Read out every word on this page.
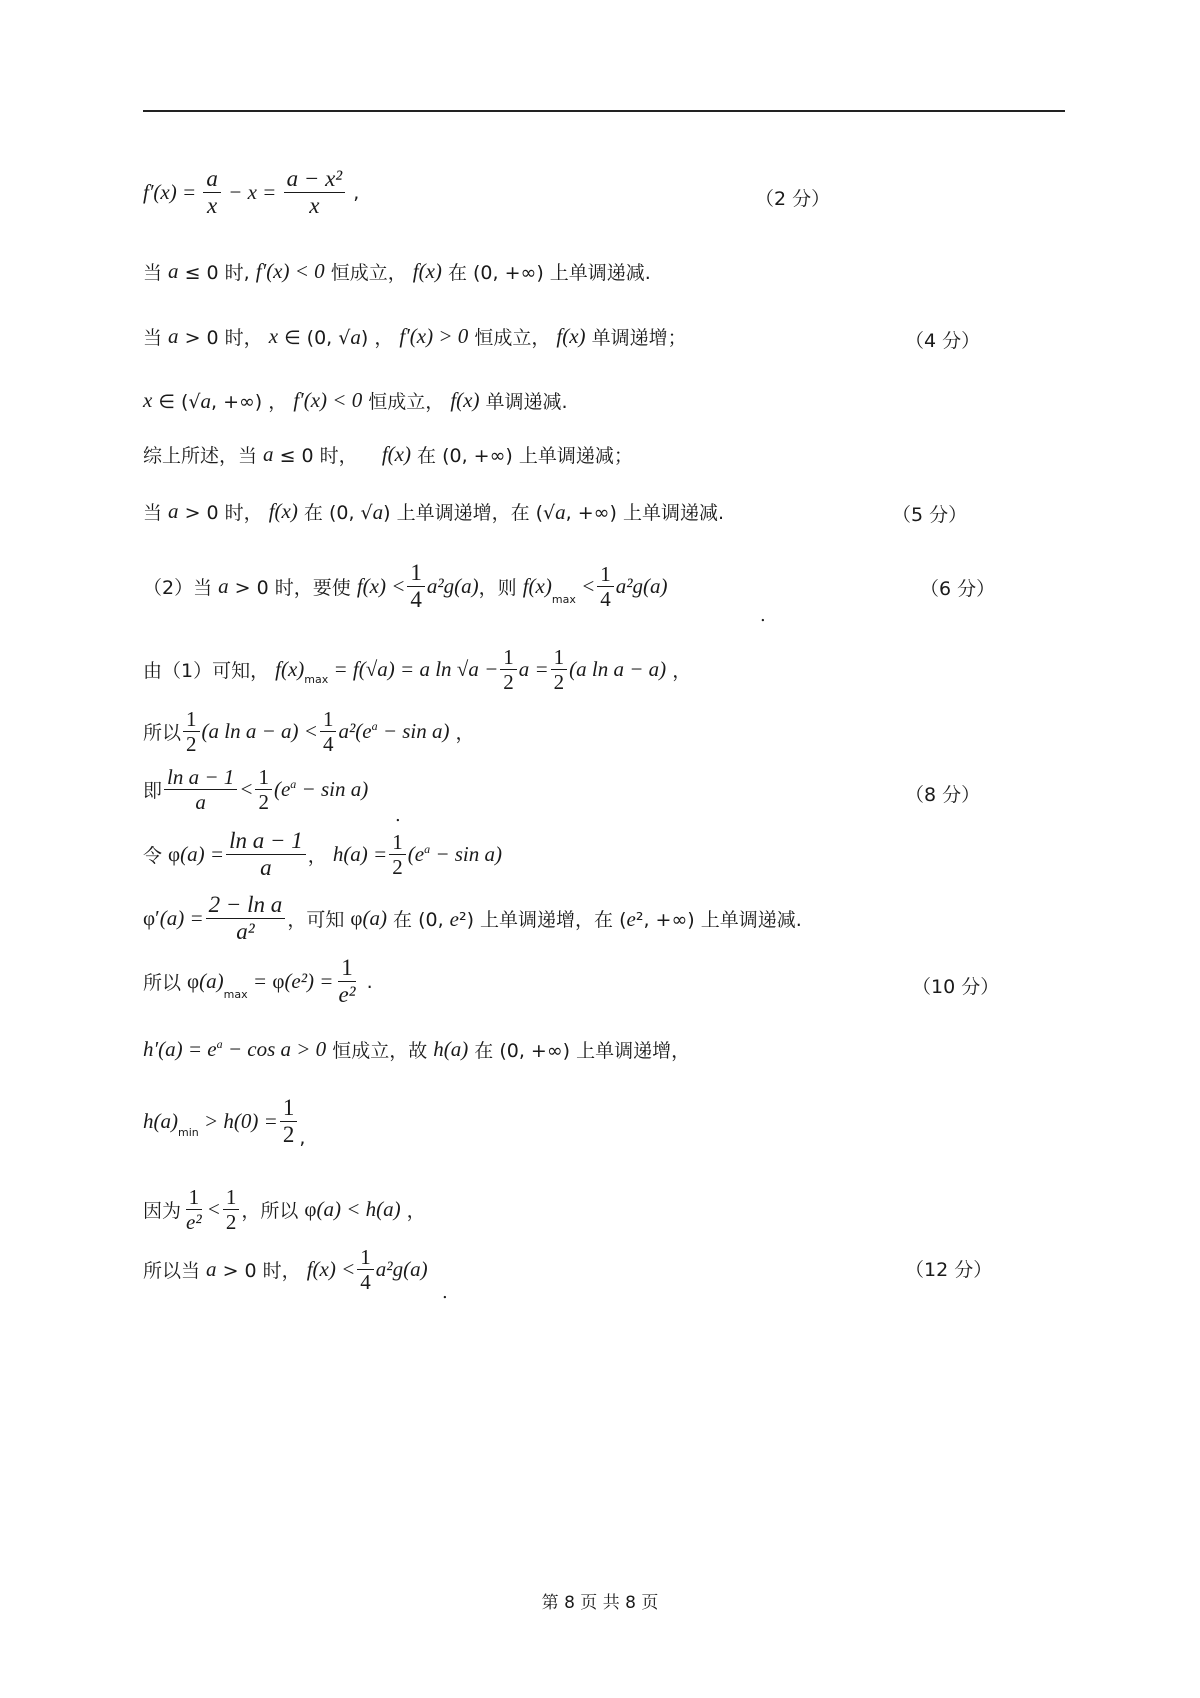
$f'(x) = \frac{a}{x} - x = \frac{\text{a − x²}}{x}$ ,	（2 分）
当 a ≤ 0 时, f′(x) < 0 恒成立， f(x) 在 (0, +∞) 上单调递减.
当 a > 0 时， x ∈ (0, √a) ， f′(x) > 0 恒成立， f(x) 单调递增；	（4 分）
x ∈ (√a, +∞) ， f′(x) < 0 恒成立， f(x) 单调递减.
综上所述，当 a ≤ 0 时， f(x) 在 (0, +∞) 上单调递减；
当 a > 0 时， f(x) 在 (0, √a) 上单调递增，在 (√a, +∞) 上单调递减.	（5 分）
（2）当 a > 0 时，要使 $f(x) < \frac{1}{4} a^2g(a)$ ，则 f(x)
max
< $\frac{1}{4} a^2g(a)$
.
（6 分）
由（1）可知， f(x) max = f(√a) = a $\ln √a - \frac{1}{2}$ $a = \frac{1}{2} (a$ ln a − a) ，
所以 $\frac{1}{2} (a$ $\ln a - a) < \frac{1}{4} a^2(e^a - \sin a)$ ，
即 $\frac{\text{ln a − 1}}{a} < \frac{1}{2} (e^a - \sin a)$
.
（8 分）
令 φ $(a) = \frac{\text{ln a − 1}}{a}$ ， $h(a) = \frac{1}{2} (e^a - \sin a)$
φ′ $(a) = \frac{\text{2 − ln a}}{\text{a²}}$ ，可知 φ (a) 在 (0, e²) 上单调递增，在 (e², +∞) 上单调递减.
所以 φ (a)
max
= φ $(e^2) = \frac{1}{\text{e²}}$ .	（10 分）
$h'(a) = e^a - \cos a > 0$ 恒成立，故 h(a) 在 (0, +∞) 上单调递增，
h(a) $\min > h(0) = \frac{1}{2}$ ,
因为 $\frac{1}{\text{e²}} < \frac{1}{2}$ ，所以 φ (a) < h(a) ，
所以当 a > 0 时， $f(x) < \frac{1}{4} a^2g(a)$
.
（12 分）
第 8 页 共 8 页
